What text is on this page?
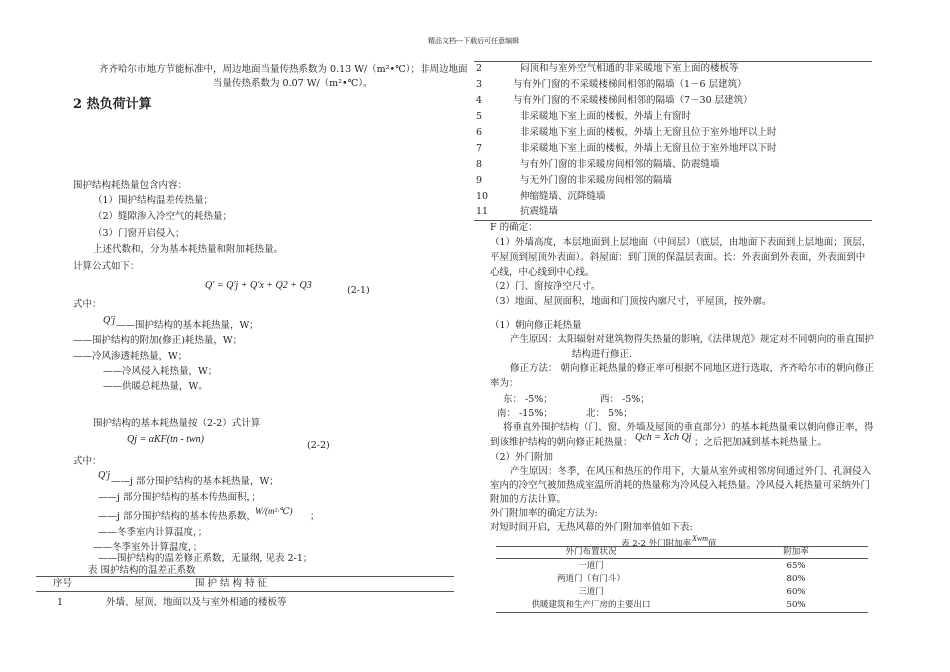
精品文档---下载后可任意编辑
齐齐哈尔市地方节能标准中，周边地面当量传热系数为 0.13 W/（m²•℃）；非周边地面
当量传热系数为 0.07 W/（m²•℃）。
2 热负荷计算
围护结构耗热量包含内容：
（1）围护结构温差传热量；
（2）缝隙渗入冷空气的耗热量；
（3）门窗开启侵入；
上述代数和，分为基本耗热量和附加耗热量。
计算公式如下：
Q' = Q'j + Q'x + Q2 + Q3	(2-1)
式中：
Q'j ——围护结构的基本耗热量，W；
——围护结构的附加(修正)耗热量，W；
——冷风渗透耗热量，W；
——冷风侵入耗热量，W；
——供暖总耗热量，W。
围护结构的基本耗热量按（2-2）式计算
Qj = αKF(tn - twn)
(2-2)
式中：
Q'j
——j 部分围护结构的基本耗热量，W；
——j 部分围护结构的基本传热面积，；
——j 部分围护结构的基本传热系数， W/(m²·℃) ；
——冬季室内计算温度，；
——冬季室外计算温度，；
——围护结构的温差修正系数，无量纲, 见表 2-1；
表 围护结构的温差正系数
序号	围 护 结 构 特 征
1	外墙、屋顶、地面以及与室外相通的楼板等
2	闷顶和与室外空气相通的非采暖地下室上面的楼板等
3	与有外门窗的不采暖楼梯间相邻的隔墙（1－6 层建筑）
4	与有外门窗的不采暖楼梯间相邻的隔墙（7－30 层建筑）
5	非采暖地下室上面的楼板，外墙上有窗时
6	非采暖地下室上面的楼板，外墙上无窗且位于室外地坪以上时
7	非采暖地下室上面的楼板，外墙上无窗且位于室外地坪以下时
8	与有外门窗的非采暖房间相邻的隔墙、防震缝墙
9	与无外门窗的非采暖房间相邻的隔墙
10	伸缩缝墙、沉降缝墙
11	抗震缝墙
F 的确定：
（1）外墙高度，本层地面到上层地面（中间层）（底层，由地面下表面到上层地面；顶层，
平屋顶到屋顶外表面）。斜屋面：到门顶的保温层表面。长：外表面到外表面，外表面到中
心线，中心线到中心线。
（2）门、窗按净空尺寸。
（3）地面、屋顶面积，地面和门顶按内廓尺寸，平屋顶，按外廓。
（1）朝向修正耗热量
产生原因：太阳辐射对建筑物得失热量的影响,《法律规范》规定对不同朝向的垂直围护
结构进行修正.
修正方法： 朝向修正耗热量的修正率可根据不同地区进行选取，齐齐哈尔市的朝向修正
率为：
东： -5%；	西： -5%；
南： -15%；	北： 5%；
将垂直外围护结构（门、窗、外墙及屋顶的垂直部分）的基本耗热量乘以朝向修正率，得
到该维护结构的朝向修正耗热量： Qch = Xch Qj ；之后把加减到基本耗热量上。
（2）外门附加
产生原因：冬季，在风压和热压的作用下，大量从室外或相邻房间通过外门、孔洞侵入
室内的冷空气被加热成室温所消耗的热量称为冷风侵入耗热量。冷风侵入耗热量可采纳外门
附加的方法计算。
外门附加率的确定方法为:
对短时间开启，无热风幕的外门附加率值如下表:
表 2-2 外门附加率
Xwm
值
外门布置状况	附加率
一道门	65%
两道门（有门斗）	80%
三道门	60%
供暖建筑和生产厂房的主要出口	50%
